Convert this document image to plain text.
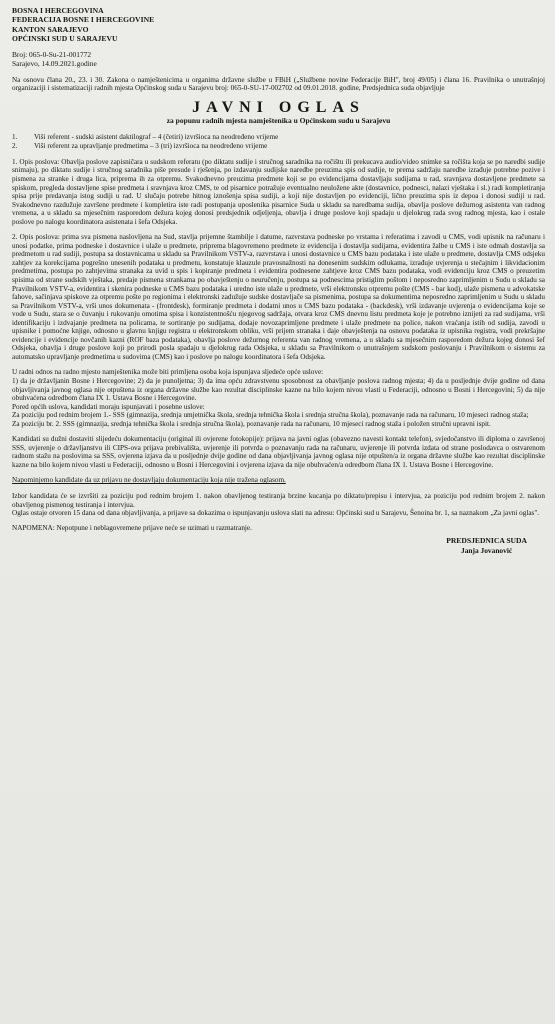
BOSNA I HERCEGOVINA
FEDERACIJA BOSNE I HERCEGOVINE
KANTON SARAJEVO
OPĆINSKI SUD U SARAJEVU
Broj: 065-0-Su-21-001772
Sarajevo, 14.09.2021.godine

Na osnovu člana 20., 23. i 30. Zakona o namještenicima u organima državne službe u FBiH („Službene novine Federacije BiH", broj 49/05) i člana 16. Pravilnika o unutrašnjoj organizaciji i sistematizaciji radnih mjesta Općinskog suda u Sarajevu broj: 065-0-SU-17-002702 od 09.01.2018. godine, Predsjednica suda objavljuje

JAVNI OGLAS
za popunu radnih mjesta namještenika u Općinskom sudu u Sarajevu
1.	Viši referent - sudski asistent daktilograf – 4 (četiri) izvršioca na neodređeno vrijeme
2.	Viši referent za upravljanje predmetima – 3 (tri) izvršioca na neodređeno vrijeme

1. Opis poslova: Obavlja poslove zapisničara u sudskom referatu (po diktatu sudije i stručnog saradnika na ročištu ili prekucava audio/video snimke sa ročišta koja se po naredbi sudije snimaju), po diktatu sudije i stručnog saradnika piše presude i rješenja, po izdavanju sudijske naredbe preuzima spis od sudije, te prema sadržaju naredbe izrađuje potrebne pozive i pismena za stranke i druga lica, priprema ih za otpremu. Svakodnevno preuzima predmete koji se po evidencijama dostavljaju sudijama u rad, sravnjava dostavljene predmete sa spiskom, pregleda dostavljene spise predmeta i sravnjava kroz CMS, te od pisarnice potražuje eventualno neuložene akte (dostavnice, podnesci, nalazi vještaka i sl.) radi kompletiranja spisa prije predavanja istog sudiji u rad. U slučaju potrebe hitnog iznošenja spisa sudiji, a koji nije dostavljen po evidenciji, lično preuzima spis iz depoa i donosi sudiji u rad. Svakodnevno razdužuje završene predmete i kompletira iste radi postupanja uposlenika pisarnice Suda u skladu sa naredbama sudija, obavlja poslove dežurnog asistenta van radnog vremena, a u skladu sa mjesečnim rasporedom dežura kojeg donosi predsjednik odjeljenja, obavlja i druge poslove koji spadaju u djelokrug rada svog radnog mjesta, kao i ostale poslove po nalogu koordinatora asistenata i šefa Odsjeka.

2. Opis poslova: prima sva pismena naslovljena na Sud, stavlja prijemne štambilje i datume, razvrstava podneske po vrstama i referatima i zavodi u CMS, vodi upisnik na računaru i unosi podatke, prima podneske i dostavnice i ulaže u predmete, priprema blagovremeno predmete iz evidencija i dostavlja sudijama, evidentira žalbe u CMS i iste odmah dostavlja sa predmetom u rad sudiji, postupa sa dostavnicama u skladu sa Pravilnikom VSTV-a, razvrstava i unosi dostavnice u CMS bazu podataka i iste ulaže u predmete, dostavlja CMS odsjeku zahtjev za korekcijama pogrešno unesenih podataka u predmetu, konstatuje klauzule pravosnažnosti na donesenim sudskim odlukama, izrađuje uvjerenja u stečajnim i likvidacionim predmetima, postupa po zahtjevima stranaka za uvid u spis i kopiranje predmeta i evidentira podnesene zahtjeve kroz CMS bazu podataka, vodi evidenciju kroz CMS o preuzetim spisima od strane sudskih vještaka, predaje pismena strankama po obavještenju o neuručenju, postupa sa podnescima pristiglim poštom i neposredno zaprimljenim u Sudu u skladu sa Pravilnikom VSTV-a, evidentira i skenira podneske u CMS bazu podataka i uredno iste ulaže u predmete, vrši elektronsku otpremu pošte (CMS - bar kod), ulaže pismena u advokatske fahove, sačinjava spiskove za otpremu pošte po regionima i elektronski zadužuje sudske dostavljače sa pismenima, postupa sa dokumentima neposredno zaprimljenim u Sudu u skladu sa Pravilnikom VSTV-a, vrši unos dokumenata - (frontdesk), formiranje predmeta i dodatni unos u CMS bazu podataka - (backdesk), vrši izdavanje uvjerenja o evidencijama koje se vode u Sudu, stara se o čuvanju i rukovanju omotima spisa i konzistentnošću njegovog sadržaja, otvara kroz CMS dnevnu listu predmeta koje je potrebno iznijeti za rad sudijama, vrši identifikaciju i izdvajanje predmeta na policama, te sortiranje po sudijama, dodaje novozaprimljene predmete i ulaže predmete na police, nakon vraćanja istih od sudija, zavodi u upisnike i pomoćne knjige, odnosno u glavnu knjigu registra u elektronskom obliku, vrši prijem stranaka i daje obavještenja na osnovu podataka iz upisnika registra, vodi prekršajne evidencije i evidencije novčanih kazni (ROF baza podataka), obavlja poslove dežurnog referenta van radnog vremena, a u skladu sa mjesečnim rasporedom dežura kojeg donosi šef Odsjeka, obavlja i druge poslove koji po prirodi posla spadaju u djelokrug rada Odsjeka, u skladu sa Pravilnikom o unutrašnjem sudskom poslovanju i Pravilnikom o sistemu za automatsko upravljanje predmetima u sudovima (CMS) kao i poslove po nalogu koordinatora i šefa Odsjeka.

U radni odnos na radno mjesto namještenika može biti primljena osoba koja ispunjava sljedeće opće uslove:

1) da je državljanin Bosne i Hercegovine; 2) da je punoljetna; 3) da ima opću zdravstvenu sposobnost za obavljanje poslova radnog mjesta; 4) da u posljednje dvije godine od dana objavljivanja javnog oglasa nije otpuštena iz organa državne službe kao rezultat disciplinske kazne na bilo kojem nivou vlasti u Federaciji, odnosno u Bosni i Hercegovini; 5) da nije obuhvaćena odredbom člana IX 1. Ustava Bosne i Hercegovine.

Pored općih uslova, kandidati moraju ispunjavati i posebne uslove:

Za poziciju pod rednim brojem 1.- SSS (gimnazija, srednja umjetnička škola, srednja tehnička škola i srednja stručna škola), poznavanje rada na računaru, 10 mjeseci radnog staža;

Za poziciju br. 2. SSS (gimnazija, srednja tehnička škola i srednja stručna škola), poznavanje rada na računaru, 10 mjeseci radnog staža i položen stručni upravni ispit.

Kandidati su dužni dostaviti slijedeću dokumentaciju (original ili ovjerene fotokopije): prijava na javni oglas (obavezno navesti kontakt telefon), svjedočanstvo ili diploma o završenoj SSS, uvjerenje o državljanstvu ili CIPS-ova prijava prebivališta, uvjerenje ili potvrda o poznavanju rada na računaru, uvjerenje ili potvrda izdata od strane poslodavca o ostvarenom radnom stažu na poslovima sa SSS, ovjerena izjava da u posljednje dvije godine od dana objavljivanja javnog oglasa nije otpušten/a iz organa državne službe kao rezultat disciplinske kazne na bilo kojem nivou vlasti u Federaciji, odnosno u Bosni i Hercegovini i ovjerena izjava da nije obuhvaćen/a odredbom člana IX 1. Ustava Bosne i Hercegovine.

Napominjemo kandidate da uz prijavu ne dostavljaju dokumentaciju koja nije tražena oglasom.

Izbor kandidata će se izvršiti za poziciju pod rednim brojem 1. nakon obavljenog testiranja brzine kucanja po diktatu/prepisu i intervjua, za poziciju pod rednim brojem 2. nakon obavljenog pismenog testiranja i intervjua.

Oglas ostaje otvoren 15 dana od dana objavljivanja, a prijave sa dokazima o ispunjavanju uslova slati na adresu: Općinski sud u Sarajevu, Šenoina br. 1, sa naznakom „Za javni oglas".

NAPOMENA: Nepotpune i neblagovremene prijave neće se uzimati u razmatranje.

PREDSJEDNICA SUDA
Janja Jovanović
